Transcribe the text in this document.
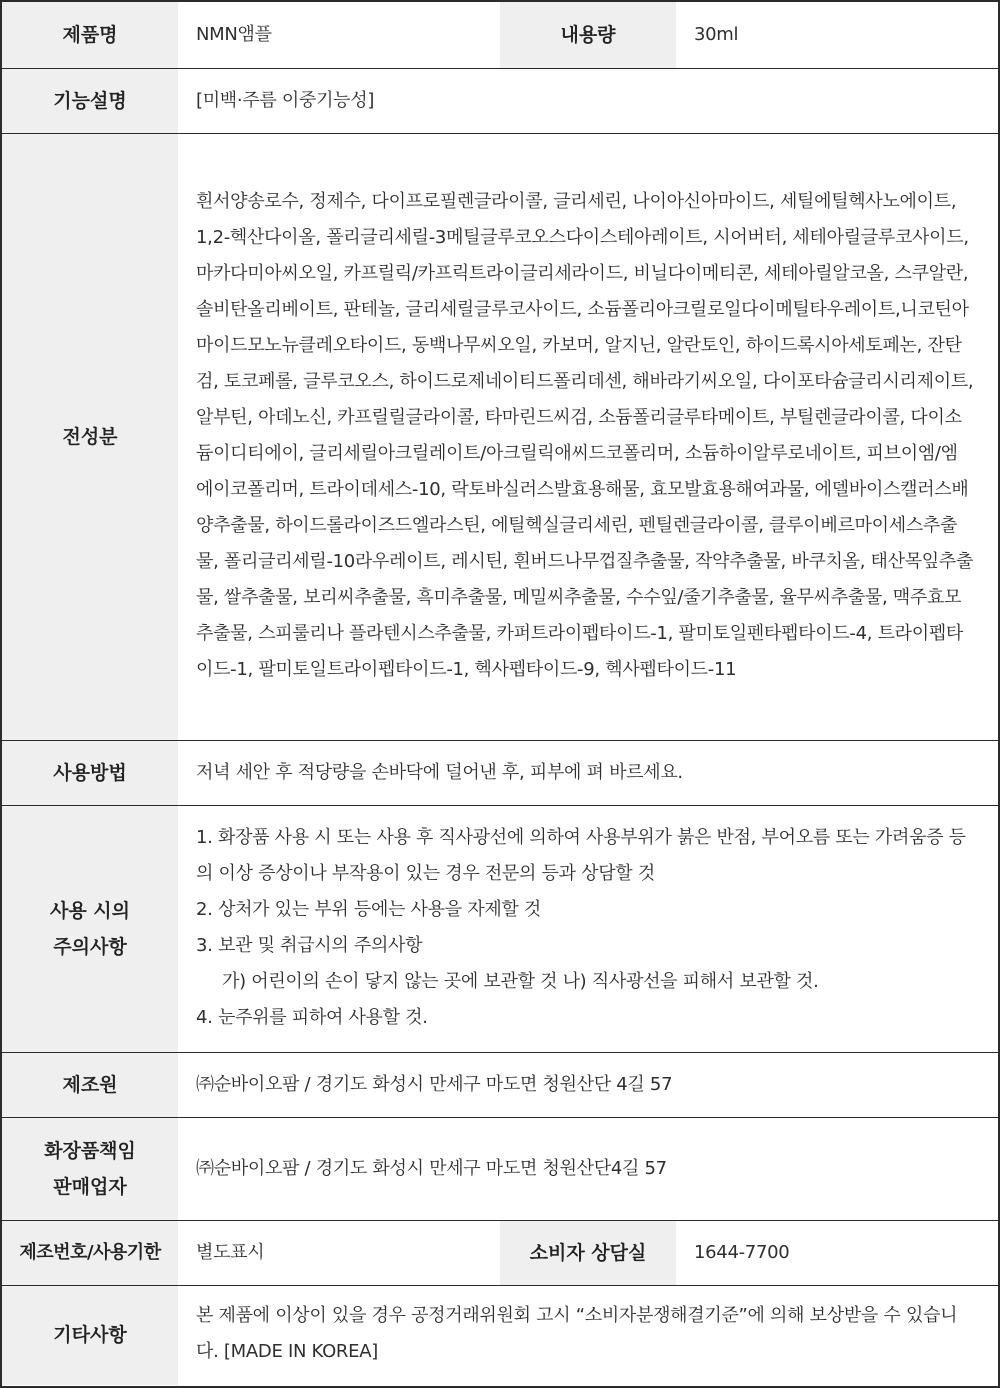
제품명	NMN앰플	내용량	30ml
기능설명	[미백·주름 이중기능성]		
전성분	흰서양송로수, 정제수, 다이프로필렌글라이콜, 글리세린, 나이아신아마이드, 세틸에틸헥사노에이트, 1,2-헥산다이올, 폴리글리세릴-3메틸글루코오스다이스테아레이트, 시어버터, 세테아릴글루코사이드, 마카다미아씨오일, 카프릴릭/카프릭트라이글리세라이드, 비닐다이메티콘, 세테아릴알코올, 스쿠알란, 솔비탄올리베이트, 판테놀, 글리세릴글루코사이드, 소듐폴리아크릴로일다이메틸타우레이트,니코틴아마이드모노뉴클레오타이드, 동백나무씨오일, 카보머, 알지닌, 알란토인, 하이드록시아세토페논, 잔탄검, 토코페롤, 글루코오스, 하이드로제네이티드폴리데센, 해바라기씨오일, 다이포타슘글리시리제이트, 알부틴, 아데노신, 카프릴릴글라이콜, 타마린드씨검, 소듐폴리글루타메이트, 부틸렌글라이콜, 다이소듐이디티에이, 글리세릴아크릴레이트/아크릴릭애씨드코폴리머, 소듐하이알루로네이트, 피브이엠/엠에이코폴리머, 트라이데세스-10, 락토바실러스발효용해물, 효모발효용해여과물, 에델바이스캘러스배양추출물, 하이드롤라이즈드엘라스틴, 에틸헥실글리세린, 펜틸렌글라이콜, 클루이베르마이세스추출물, 폴리글리세릴-10라우레이트, 레시틴, 흰버드나무껍질추출물, 작약추출물, 바쿠치올, 태산목잎추출물, 쌀추출물, 보리씨추출물, 흑미추출물, 메밀씨추출물, 수수잎/줄기추출물, 율무씨추출물, 맥주효모추출물, 스피룰리나 플라텐시스추출물, 카퍼트라이펩타이드-1, 팔미토일펜타펩타이드-4, 트라이펩타이드-1, 팔미토일트라이펩타이드-1, 헥사펩타이드-9, 헥사펩타이드-11		
사용방법	저녁 세안 후 적당량을 손바닥에 덜어낸 후, 피부에 펴 바르세요.		

사용 시의
주의사항	1. 화장품 사용 시 또는 사용 후 직사광선에 의하여 사용부위가 붉은 반점, 부어오름 또는 가려움증 등의 이상 증상이나 부작용이 있는 경우 전문의 등과 상담할 것
2. 상처가 있는 부위 등에는 사용을 자제할 것
3. 보관 및 취급시의 주의사항
가) 어린이의 손이 닿지 않는 곳에 보관할 것 나) 직사광선을 피해서 보관할 것.
4. 눈주위를 피하여 사용할 것.		

제조원	㈜순바이오팜 / 경기도 화성시 만세구 마도면 청원산단 4길 57		

화장품책임
판매업자	㈜순바이오팜 / 경기도 화성시 만세구 마도면 청원산단4길 57		
제조번호/사용기한	별도표시	소비자 상담실	1644-7700
기타사항	본 제품에 이상이 있을 경우 공정거래위원회 고시 “소비자분쟁해결기준”에 의해 보상받을 수 있습니다. [MADE IN KOREA]		
